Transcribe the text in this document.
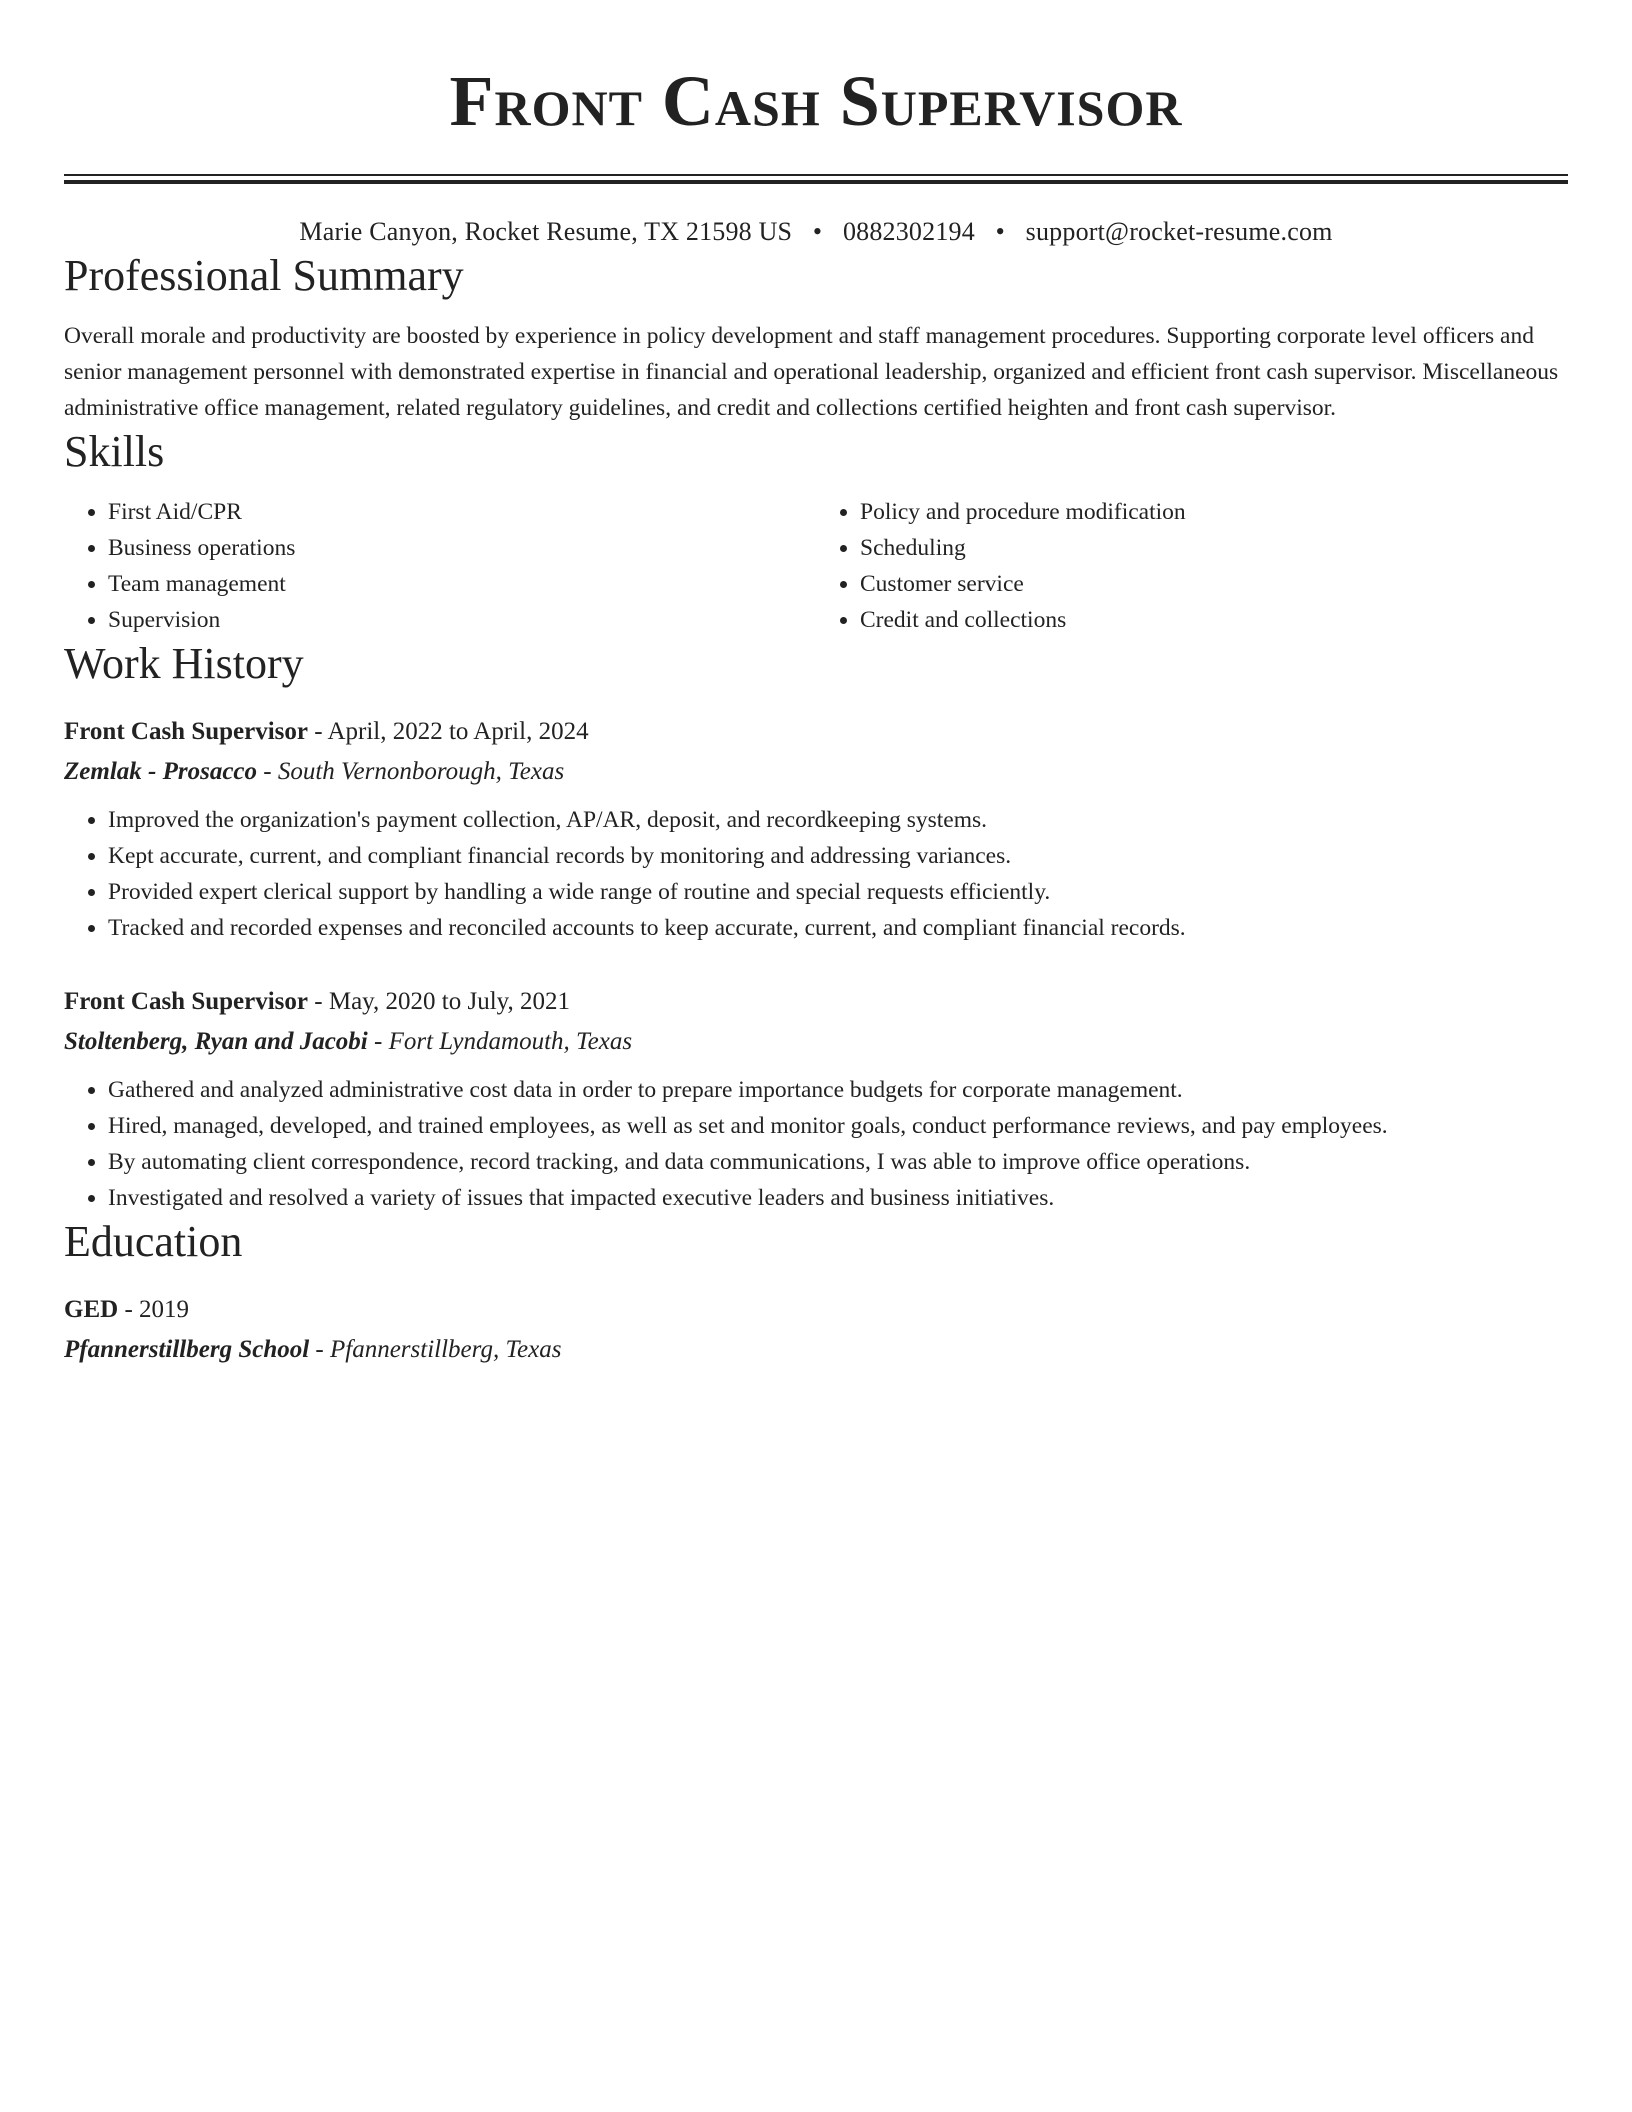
Front Cash Supervisor
Marie Canyon, Rocket Resume, TX 21598 US • 0882302194 • support@rocket-resume.com
Professional Summary
Overall morale and productivity are boosted by experience in policy development and staff management procedures. Supporting corporate level officers and senior management personnel with demonstrated expertise in financial and operational leadership, organized and efficient front cash supervisor. Miscellaneous administrative office management, related regulatory guidelines, and credit and collections certified heighten and front cash supervisor.
Skills
• First Aid/CPR
• Business operations
• Team management
• Supervision
• Policy and procedure modification
• Scheduling
• Customer service
• Credit and collections
Work History
Front Cash Supervisor - April, 2022 to April, 2024
Zemlak - Prosacco - South Vernonborough, Texas
• Improved the organization's payment collection, AP/AR, deposit, and recordkeeping systems.
• Kept accurate, current, and compliant financial records by monitoring and addressing variances.
• Provided expert clerical support by handling a wide range of routine and special requests efficiently.
• Tracked and recorded expenses and reconciled accounts to keep accurate, current, and compliant financial records.
Front Cash Supervisor - May, 2020 to July, 2021
Stoltenberg, Ryan and Jacobi - Fort Lyndamouth, Texas
• Gathered and analyzed administrative cost data in order to prepare importance budgets for corporate management.
• Hired, managed, developed, and trained employees, as well as set and monitor goals, conduct performance reviews, and pay employees.
• By automating client correspondence, record tracking, and data communications, I was able to improve office operations.
• Investigated and resolved a variety of issues that impacted executive leaders and business initiatives.
Education
GED - 2019
Pfannerstillberg School - Pfannerstillberg, Texas
